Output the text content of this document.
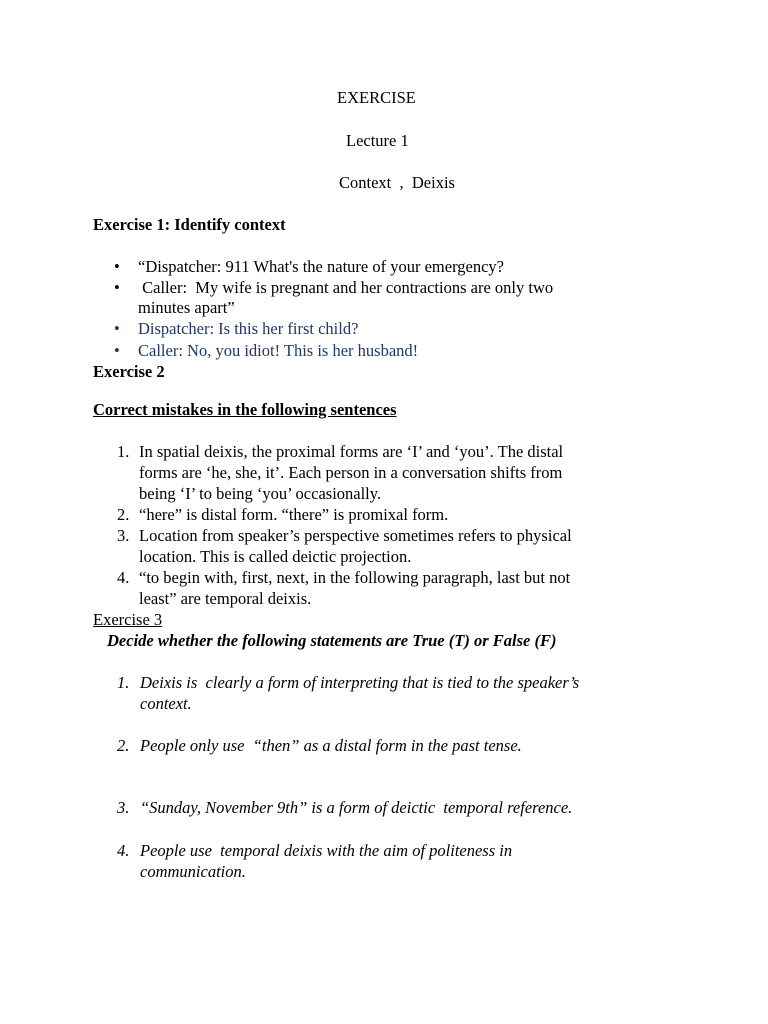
EXERCISE
Lecture 1
Context  ,  Deixis
Exercise 1: Identify context
• “Dispatcher: 911 What's the nature of your emergency?
• Caller:  My wife is pregnant and her contractions are only two
minutes apart”
• Dispatcher: Is this her first child?
• Caller: No, you idiot! This is her husband!
Exercise 2
Correct mistakes in the following sentences
1. In spatial deixis, the proximal forms are ‘I’ and ‘you’. The distal
forms are ‘he, she, it’. Each person in a conversation shifts from
being ‘I’ to being ‘you’ occasionally.
2. “here” is distal form. “there” is promixal form.
3. Location from speaker’s perspective sometimes refers to physical
location. This is called deictic projection.
4. “to begin with, first, next, in the following paragraph, last but not
least” are temporal deixis.
Exercise 3
Decide whether the following statements are True (T) or False (F)
1. Deixis is  clearly a form of interpreting that is tied to the speaker’s
context.
2. People only use  “then” as a distal form in the past tense.
3. “Sunday, November 9th” is a form of deictic  temporal reference.
4. People use  temporal deixis with the aim of politeness in
communication.
